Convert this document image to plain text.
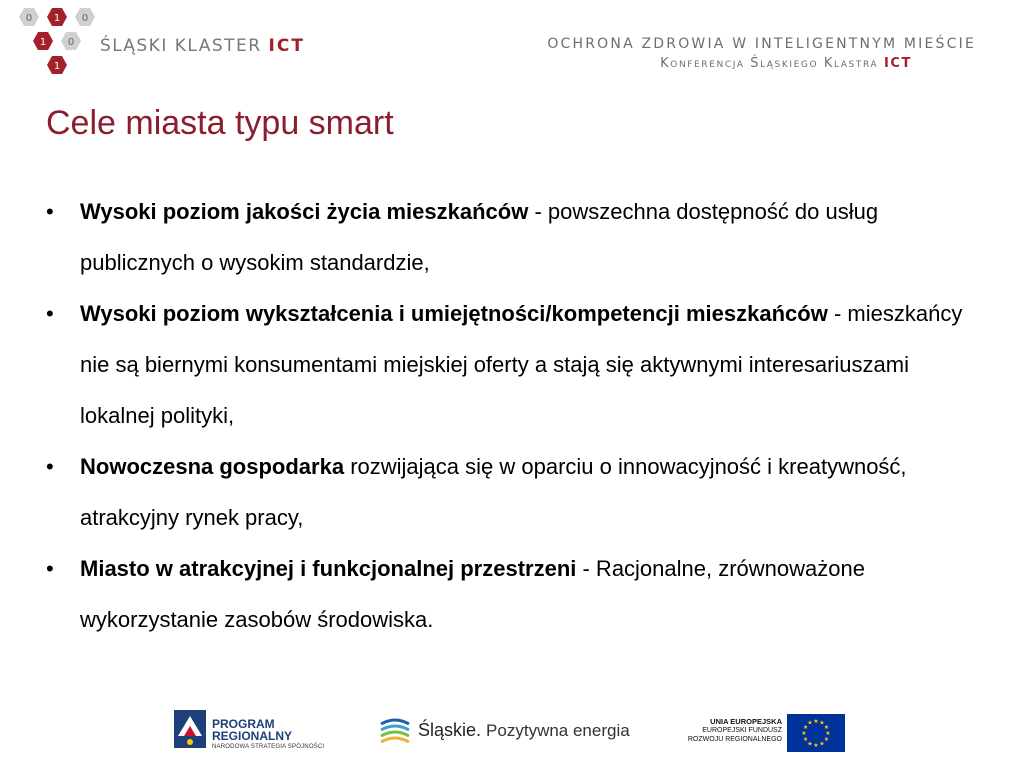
0 1 0
1 0
1
ŚLĄSKI KLASTER ICT	OCHRONA ZDROWIA W INTELIGENTNYM MIEŚCIE
Konferencja Śląskiego Klastra ICT
Cele miasta typu smart
• Wysoki poziom jakości życia mieszkańców - powszechna dostępność do usług publicznych o wysokim standardzie,
• Wysoki poziom wykształcenia i umiejętności/kompetencji mieszkańców - mieszkańcy nie są biernymi konsumentami miejskiej oferty a stają się aktywnymi interesariuszami lokalnej polityki,
• Nowoczesna gospodarka rozwijająca się w oparciu o innowacyjność i kreatywność, atrakcyjny rynek pracy,
• Miasto w atrakcyjnej i funkcjonalnej przestrzeni - Racjonalne, zrównoważone wykorzystanie zasobów środowiska.
PROGRAM
REGIONALNY
NARODOWA STRATEGIA SPÓJNOŚCI
Śląskie. Pozytywna energia	UNIA EUROPEJSKA
EUROPEJSKI FUNDUSZ
ROZWOJU REGIONALNEGO
★ ★
★
★
★
★
★
★
★
★
★
★
